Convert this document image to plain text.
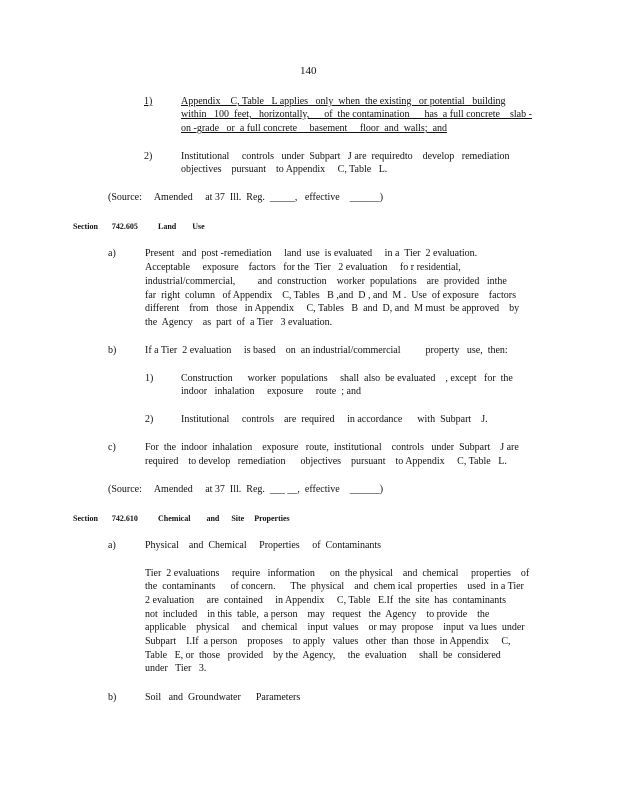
140
1)	Appendix    C, Table   L applies   only  when  the existing   or potential   building
within   100  feet,   horizontally,      of  the contamination      has  a full concrete    slab -
on -grade   or  a full concrete     basement     floor  and  walls;  and
2)	Institutional     controls   under  Subpart   J are  requiredto    develop   remediation
objectives    pursuant    to Appendix     C, Table   L.
(Source:     Amended     at 37  Ill.  Reg.  _____,   effective    ______)
Section       742.605	Land        Use
a)	Present   and  post -remediation     land  use  is evaluated     in a  Tier  2 evaluation.
Acceptable     exposure    factors   for the  Tier   2 evaluation     fo r residential,
industrial/commercial,         and  construction    worker  populations    are  provided   inthe
far  right  column   of Appendix    C, Tables   B ,and  D , and  M .  Use  of exposure    factors
different    from   those   in Appendix     C, Tables   B  and  D, and  M must  be approved    by
the  Agency    as  part  of  a Tier   3 evaluation.
b)	If a Tier  2 evaluation     is based    on  an industrial/commercial          property   use,  then:
1)	Construction      worker  populations     shall  also  be evaluated    , except   for  the
indoor   inhalation     exposure     route  ; and
2)	Institutional     controls    are  required     in accordance      with  Subpart    J.
c)	For  the  indoor  inhalation    exposure   route,  institutional    controls   under  Subpart    J are
required    to develop   remediation      objectives    pursuant    to Appendix     C, Table   L.
(Source:     Amended     at 37  Ill.  Reg.  ___ __,  effective    ______)
Section       742.610	Chemical        and      Site     Properties
a)	Physical    and  Chemical     Properties     of  Contaminants
Tier  2 evaluations     require   information      on  the physical    and  chemical     properties    of
the  contaminants      of concern.      The  physical    and  chem ical  properties    used  in a Tier
2 evaluation     are  contained     in Appendix     C, Table   E.If  the  site  has  contaminants
not  included    in this  table,  a person    may   request   the  Agency    to provide    the
applicable    physical     and  chemical    input  values    or may  propose    input  va lues  under
Subpart    I.If  a person    proposes    to apply   values   other  than  those  in Appendix     C,
Table   E, or  those   provided    by the  Agency,     the  evaluation     shall  be  considered
under   Tier   3.
b)	Soil   and  Groundwater      Parameters
